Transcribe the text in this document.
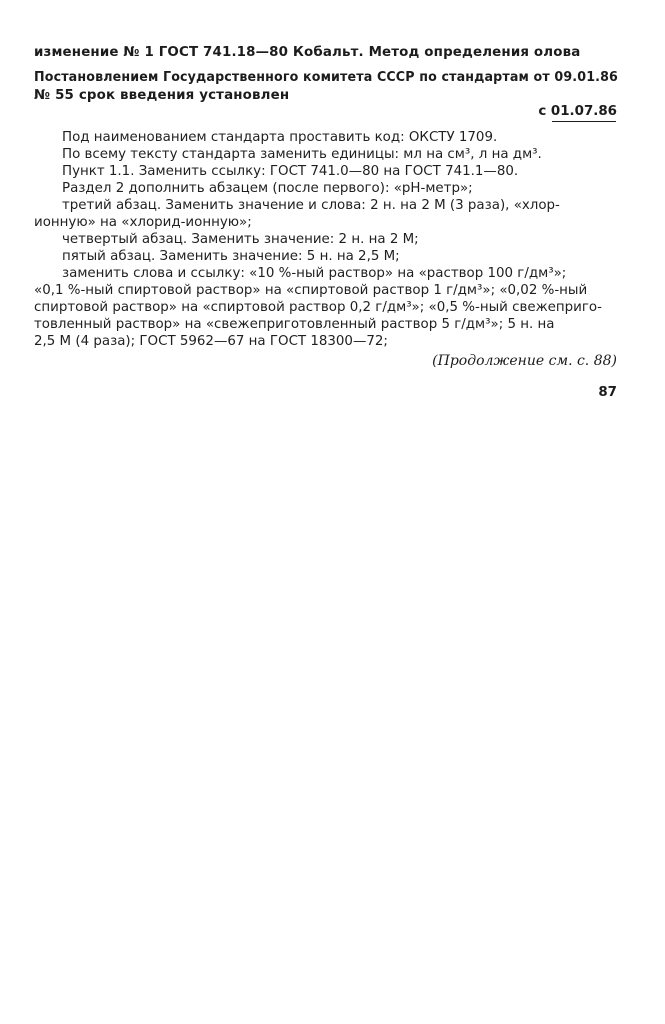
изменение № 1 ГОСТ 741.18—80 Кобальт. Метод определения олова
Постановлением Государственного комитета СССР по стандартам от 09.01.86
№ 55 срок введения установлен
с 01.07.86
Под наименованием стандарта проставить код: ОКСТУ 1709.
По всему тексту стандарта заменить единицы: мл на см³, л на дм³.
Пункт 1.1. Заменить ссылку: ГОСТ 741.0—80 на ГОСТ 741.1—80.
Раздел 2 дополнить абзацем (после первого): «рН-метр»;
третий абзац. Заменить значение и слова: 2 н. на 2 М (3 раза), «хлор-
ионную» на «хлорид-ионную»;
четвертый абзац. Заменить значение: 2 н. на 2 М;
пятый абзац. Заменить значение: 5 н. на 2,5 М;
заменить слова и ссылку: «10 %-ный раствор» на «раствор 100 г/дм³»;
«0,1 %-ный спиртовой раствор» на «спиртовой раствор 1 г/дм³»; «0,02 %-ный
спиртовой раствор» на «спиртовой раствор 0,2 г/дм³»; «0,5 %-ный свежеприго-
товленный раствор» на «свежеприготовленный раствор 5 г/дм³»; 5 н. на
2,5 М (4 раза); ГОСТ 5962—67 на ГОСТ 18300—72;
(Продолжение см. с. 88)
87
